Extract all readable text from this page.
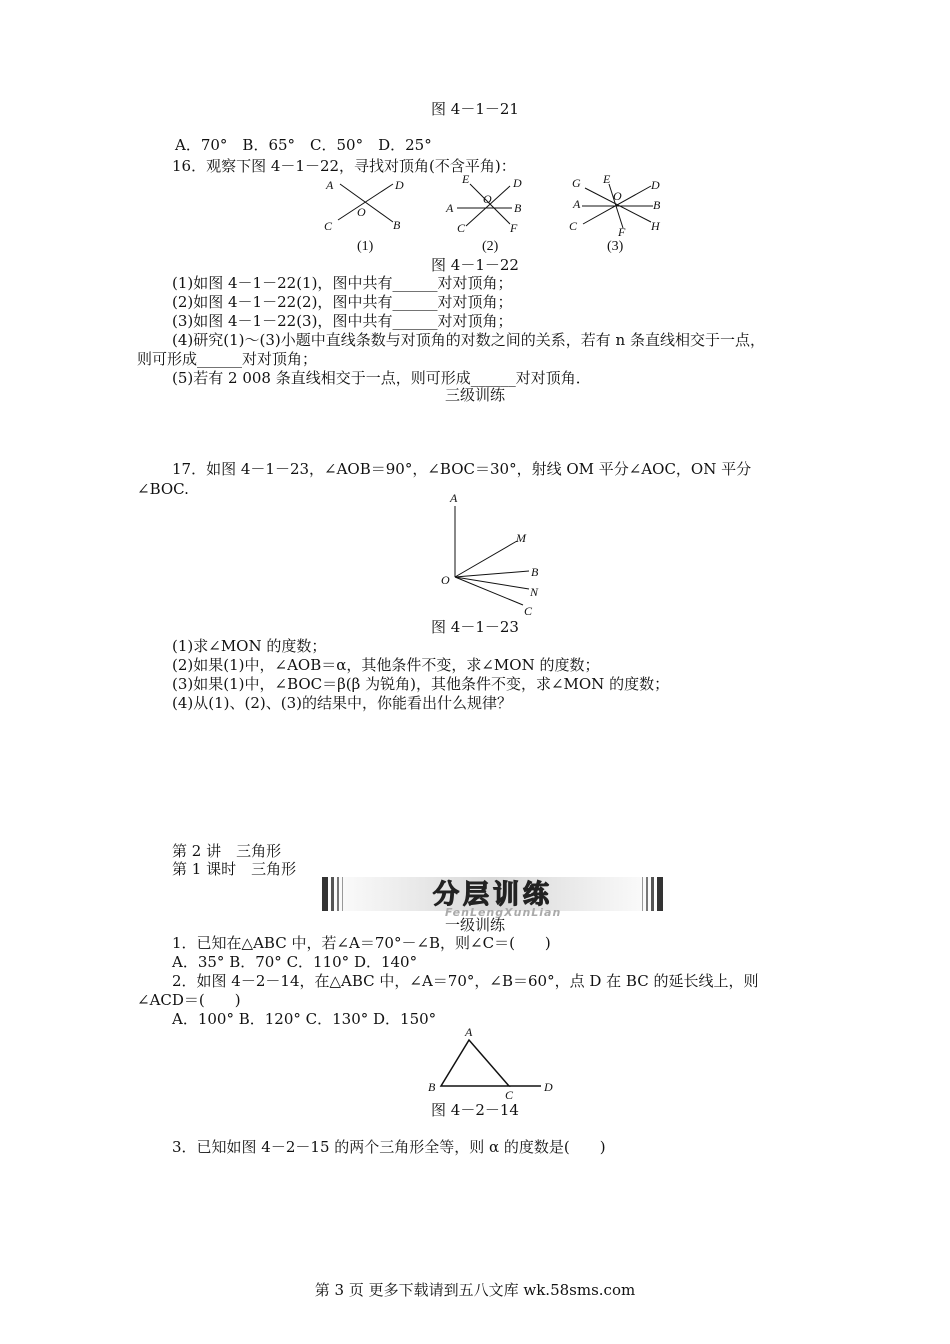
图 4－1－21
A．70°　B．65°　C．50°　D．25°
16．观察下图 4－1－22，寻找对顶角(不含平角)：
A	D
O
C	B
(1)
E	D
O
A	B
C	F
(2)
G E
O
D
A	B
C	F H
(3)
图 4－1－22
(1)如图 4－1－22(1)，图中共有______对对顶角；
(2)如图 4－1－22(2)，图中共有______对对顶角；
(3)如图 4－1－22(3)，图中共有______对对顶角；
(4)研究(1)～(3)小题中直线条数与对顶角的对数之间的关系，若有 n 条直线相交于一点，
则可形成______对对顶角；
(5)若有 2 008 条直线相交于一点，则可形成______对对顶角．
三级训练
17．如图 4－1－23，∠AOB＝90°，∠BOC＝30°，射线 OM 平分∠AOC，ON 平分
∠BOC.	A
M
O
B
N
C
图 4－1－23
(1)求∠MON 的度数；
(2)如果(1)中，∠AOB＝α，其他条件不变，求∠MON 的度数；
(3)如果(1)中，∠BOC＝β(β 为锐角)，其他条件不变，求∠MON 的度数；
(4)从(1)、(2)、(3)的结果中，你能看出什么规律？
第 2 讲　三角形
第 1 课时　三角形
分层训练
FenLengXunLian
一级训练
1．已知在△ABC 中，若∠A＝70°－∠B，则∠C＝(　　)
A．35° B．70° C．110° D．140°
2．如图 4－2－14，在△ABC 中，∠A＝70°，∠B＝60°，点 D 在 BC 的延长线上，则
∠ACD＝(　　)
A．100° B．120° C．130° D．150°
A
B
C
D
图 4－2－14
3．已知如图 4－2－15 的两个三角形全等，则 α 的度数是(　　)
第 3 页 更多下载请到五八文库 wk.58sms.com
